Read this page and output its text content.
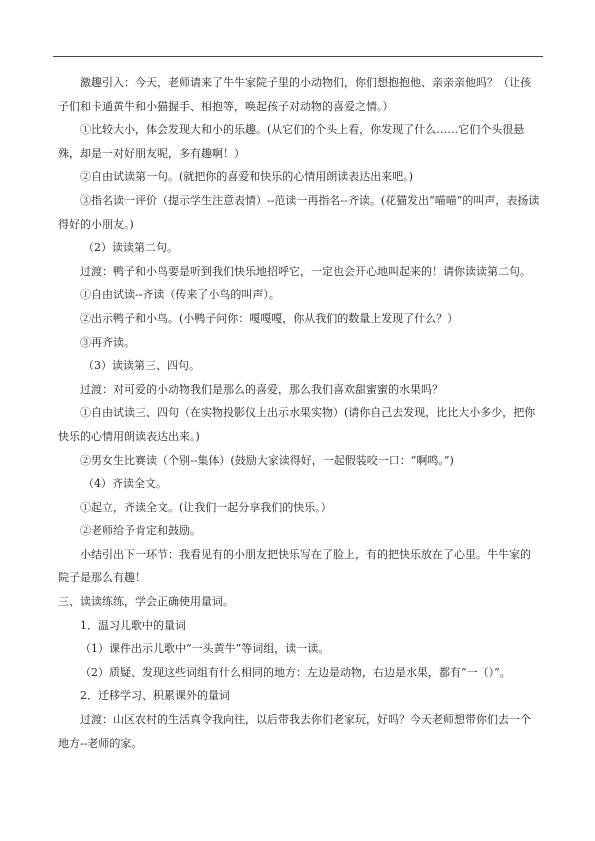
激趣引入：今天，老师请来了牛牛家院子里的小动物们，你们想抱抱他、亲亲亲他吗？（让孩子们和卡通黄牛和小猫握手、相抱等，唤起孩子对动物的喜爱之情。）

①比较大小，体会发现大和小的乐趣。(从它们的个头上看，你发现了什么……它们个头很悬殊，却是一对好朋友呢，多有趣啊！）

②自由试读第一句。(就把你的喜爱和快乐的心情用朗读表达出来吧。)

③指名读一评价（提示学生注意表情）--范读一再指名--齐读。(花猫发出“喵喵”的叫声，表扬读得好的小朋友。)

（2）读读第二句。

过渡：鸭子和小鸟要是听到我们快乐地招呼它，一定也会开心地叫起来的！请你读读第二句。

①自由试读--齐读（传来了小鸟的叫声）。

②出示鸭子和小鸟。(小鸭子问你：嘎嘎嘎，你从我们的数量上发现了什么？）

③再齐读。

（3）读读第三、四句。

过渡：对可爱的小动物我们是那么的喜爱，那么我们喜欢甜蜜蜜的水果吗？

①自由试读三、四句（在实物投影仪上出示水果实物）(请你自己去发现，比比大小多少，把你快乐的心情用朗读表达出来。)

②男女生比赛读（个别--集体）(鼓励大家读得好，一起假装咬一口：“啊鸣。”)

（4）齐读全文。

①起立，齐读全文。(让我们一起分享我们的快乐。）

②老师给予肯定和鼓励。

小结引出下一环节：我看见有的小朋友把快乐写在了脸上，有的把快乐放在了心里。牛牛家的院子是那么有趣！

三、读读练练，学会正确使用量词。

1．温习儿歌中的量词

（1）课件出示儿歌中“一头黄牛”等词组，读一读。

（2）质疑、发现这些词组有什么相同的地方：左边是动物，右边是水果，都有“一（）”。

2．迁移学习、积累课外的量词

过渡：山区农村的生活真令我向往，以后带我去你们老家玩，好吗？今天老师想带你们去一个地方--老师的家。
